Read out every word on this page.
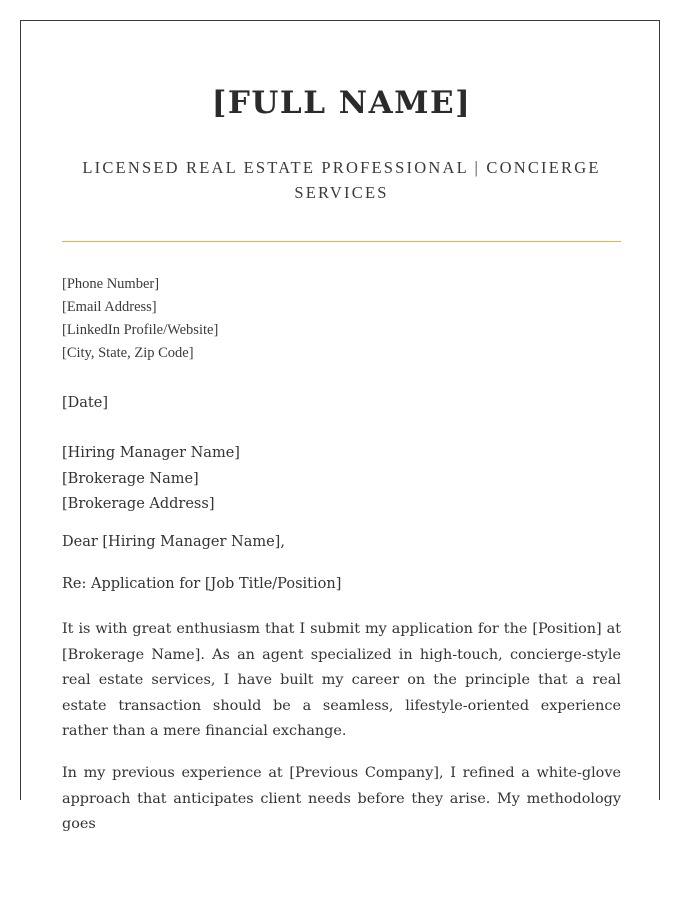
[FULL NAME]
LICENSED REAL ESTATE PROFESSIONAL | CONCIERGE SERVICES
[Phone Number]
[Email Address]
[LinkedIn Profile/Website]
[City, State, Zip Code]
[Date]
[Hiring Manager Name]
[Brokerage Name]
[Brokerage Address]
Dear [Hiring Manager Name],
Re: Application for [Job Title/Position]
It is with great enthusiasm that I submit my application for the [Position] at [Brokerage Name]. As an agent specialized in high-touch, concierge-style real estate services, I have built my career on the principle that a real estate transaction should be a seamless, lifestyle-oriented experience rather than a mere financial exchange.
In my previous experience at [Previous Company], I refined a white-glove approach that anticipates client needs before they arise. My methodology goes
